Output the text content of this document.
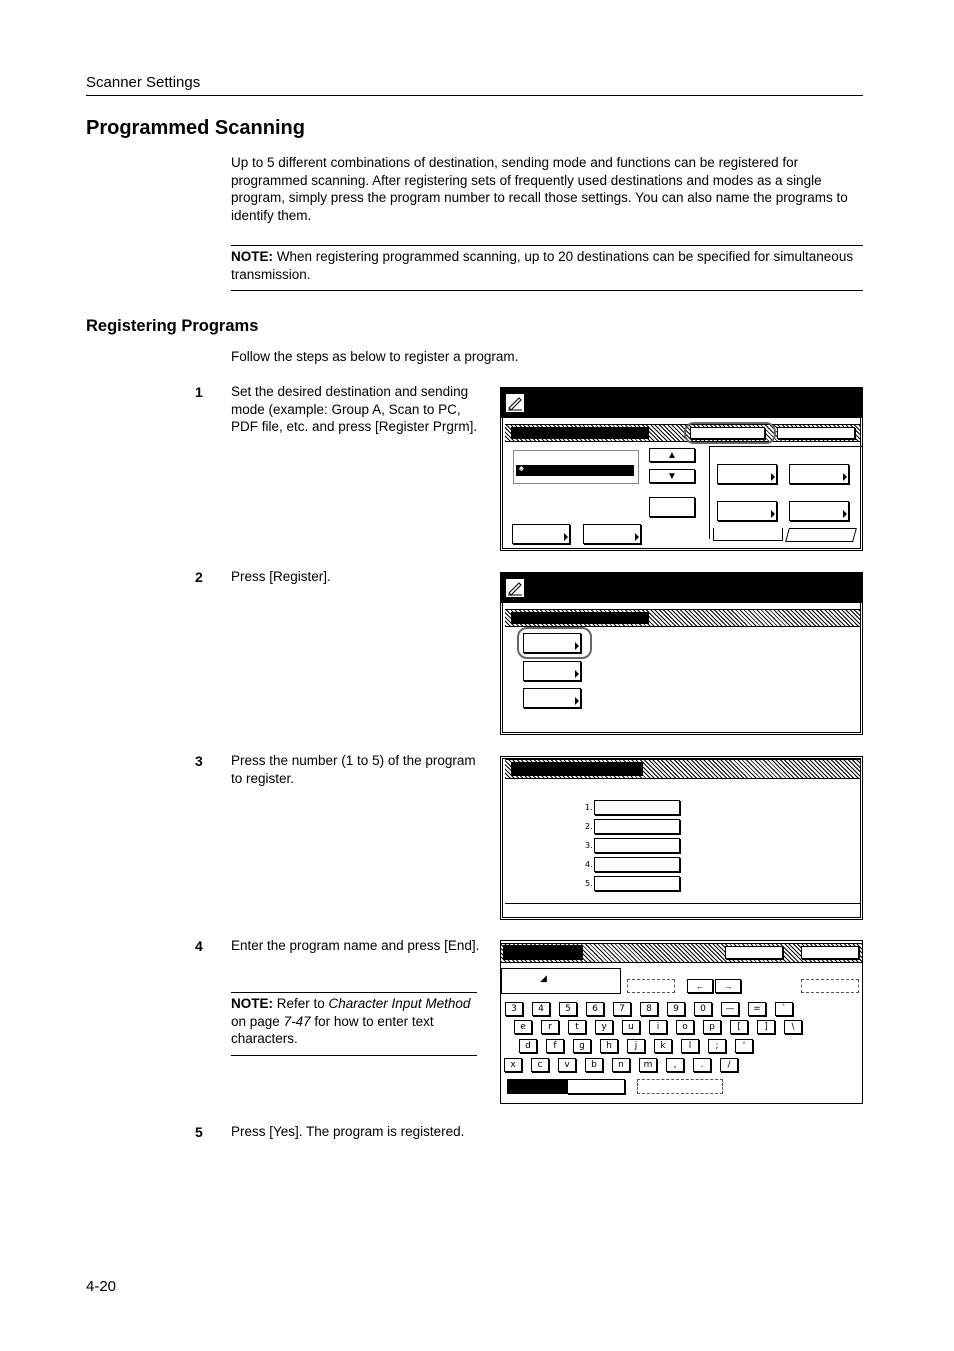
Scanner Settings
Programmed Scanning
Up to 5 different combinations of destination, sending mode and functions can be registered for programmed scanning. After registering sets of frequently used destinations and modes as a single program, simply press the program number to recall those settings. You can also name the programs to identify them.
NOTE: When registering programmed scanning, up to 20 destinations can be specified for simultaneous transmission.
Registering Programs
Follow the steps as below to register a program.
1 Set the desired destination and sending mode (example: Group A, Scan to PC, PDF file, etc. and press [Register Prgrm].
2 Press [Register].
3 Press the number (1 to 5) of the program to register.
4 Enter the program name and press [End].
NOTE: Refer to Character Input Method on page 7-47 for how to enter text characters.
5 Press [Yes]. The program is registered.
♠
▲
▼
1.
2.
3.
4.
5.
◢
←	→
3	4	5	6	7	8	9	0	—	=	`
e	r	t	y	u	i	o	p	[	]	\
d	f	g	h	j	k	l	;	'
x	c	v	b	n	m	,	.	/
4-20
